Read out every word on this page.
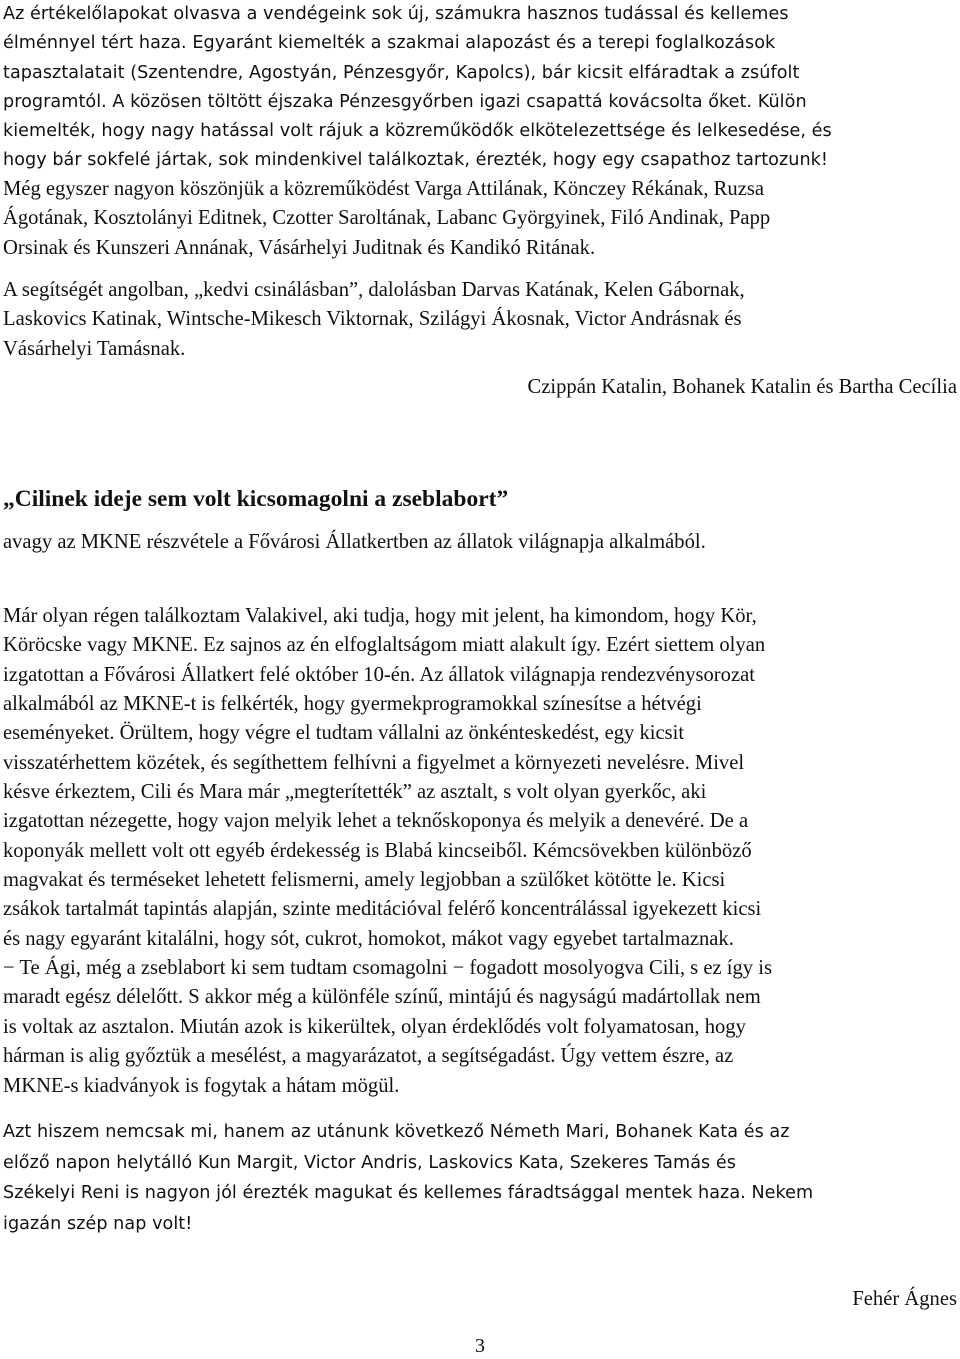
Az értékelőlapokat olvasva a vendégeink sok új, számukra hasznos tudással és kellemes
élménnyel tért haza. Egyaránt kiemelték a szakmai alapozást és a terepi foglalkozások
tapasztalatait (Szentendre, Agostyán, Pénzesgyőr, Kapolcs), bár kicsit elfáradtak a zsúfolt
programtól. A közösen töltött éjszaka Pénzesgyőrben igazi csapattá kovácsolta őket. Külön
kiemelték, hogy nagy hatással volt rájuk a közreműködők elkötelezettsége és lelkesedése, és
hogy bár sokfelé jártak, sok mindenkivel találkoztak, érezték, hogy egy csapathoz tartozunk!
Még egyszer nagyon köszönjük a közreműködést Varga Attilának, Könczey Rékának, Ruzsa
Ágotának, Kosztolányi Editnek, Czotter Saroltának, Labanc Györgyinek, Filó Andinak, Papp
Orsinak és Kunszeri Annának, Vásárhelyi Juditnak és Kandikó Ritának.
A segítségét angolban, „kedvi csinálásban”, dalolásban Darvas Katának, Kelen Gábornak,
Laskovics Katinak, Wintsche-Mikesch Viktornak, Szilágyi Ákosnak, Victor Andrásnak és
Vásárhelyi Tamásnak.

Czippán Katalin, Bohanek Katalin és Bartha Cecília

„Cilinek ideje sem volt kicsomagolni a zseblabort”

avagy az MKNE részvétele a Fővárosi Állatkertben az állatok világnapja alkalmából.

Már olyan régen találkoztam Valakivel, aki tudja, hogy mit jelent, ha kimondom, hogy Kör,
Köröcske vagy MKNE. Ez sajnos az én elfoglaltságom miatt alakult így. Ezért siettem olyan
izgatottan a Fővárosi Állatkert felé október 10-én. Az állatok világnapja rendezvénysorozat
alkalmából az MKNE-t is felkérték, hogy gyermekprogramokkal színesítse a hétvégi
eseményeket. Örültem, hogy végre el tudtam vállalni az önkénteskedést, egy kicsit
visszatérhettem közétek, és segíthettem felhívni a figyelmet a környezeti nevelésre. Mivel
késve érkeztem, Cili és Mara már „megterítették” az asztalt, s volt olyan gyerkőc, aki
izgatottan nézegette, hogy vajon melyik lehet a teknőskoponya és melyik a denevéré. De a
koponyák mellett volt ott egyéb érdekesség is Blabá kincseiből. Kémcsövekben különböző
magvakat és terméseket lehetett felismerni, amely legjobban a szülőket kötötte le. Kicsi
zsákok tartalmát tapintás alapján, szinte meditációval felérő koncentrálással igyekezett kicsi
és nagy egyaránt kitalálni, hogy sót, cukrot, homokot, mákot vagy egyebet tartalmaznak.
− Te Ági, még a zseblabort ki sem tudtam csomagolni − fogadott mosolyogva Cili, s ez így is
maradt egész délelőtt. S akkor még a különféle színű, mintájú és nagyságú madártollak nem
is voltak az asztalon. Miután azok is kikerültek, olyan érdeklődés volt folyamatosan, hogy
hárman is alig győztük a mesélést, a magyarázatot, a segítségadást. Úgy vettem észre, az
MKNE-s kiadványok is fogytak a hátam mögül.
Azt hiszem nemcsak mi, hanem az utánunk következő Németh Mari, Bohanek Kata és az
előző napon helytálló Kun Margit, Victor Andris, Laskovics Kata, Szekeres Tamás és
Székelyi Reni is nagyon jól érezték magukat és kellemes fáradtsággal mentek haza. Nekem
igazán szép nap volt!

Fehér Ágnes

3
